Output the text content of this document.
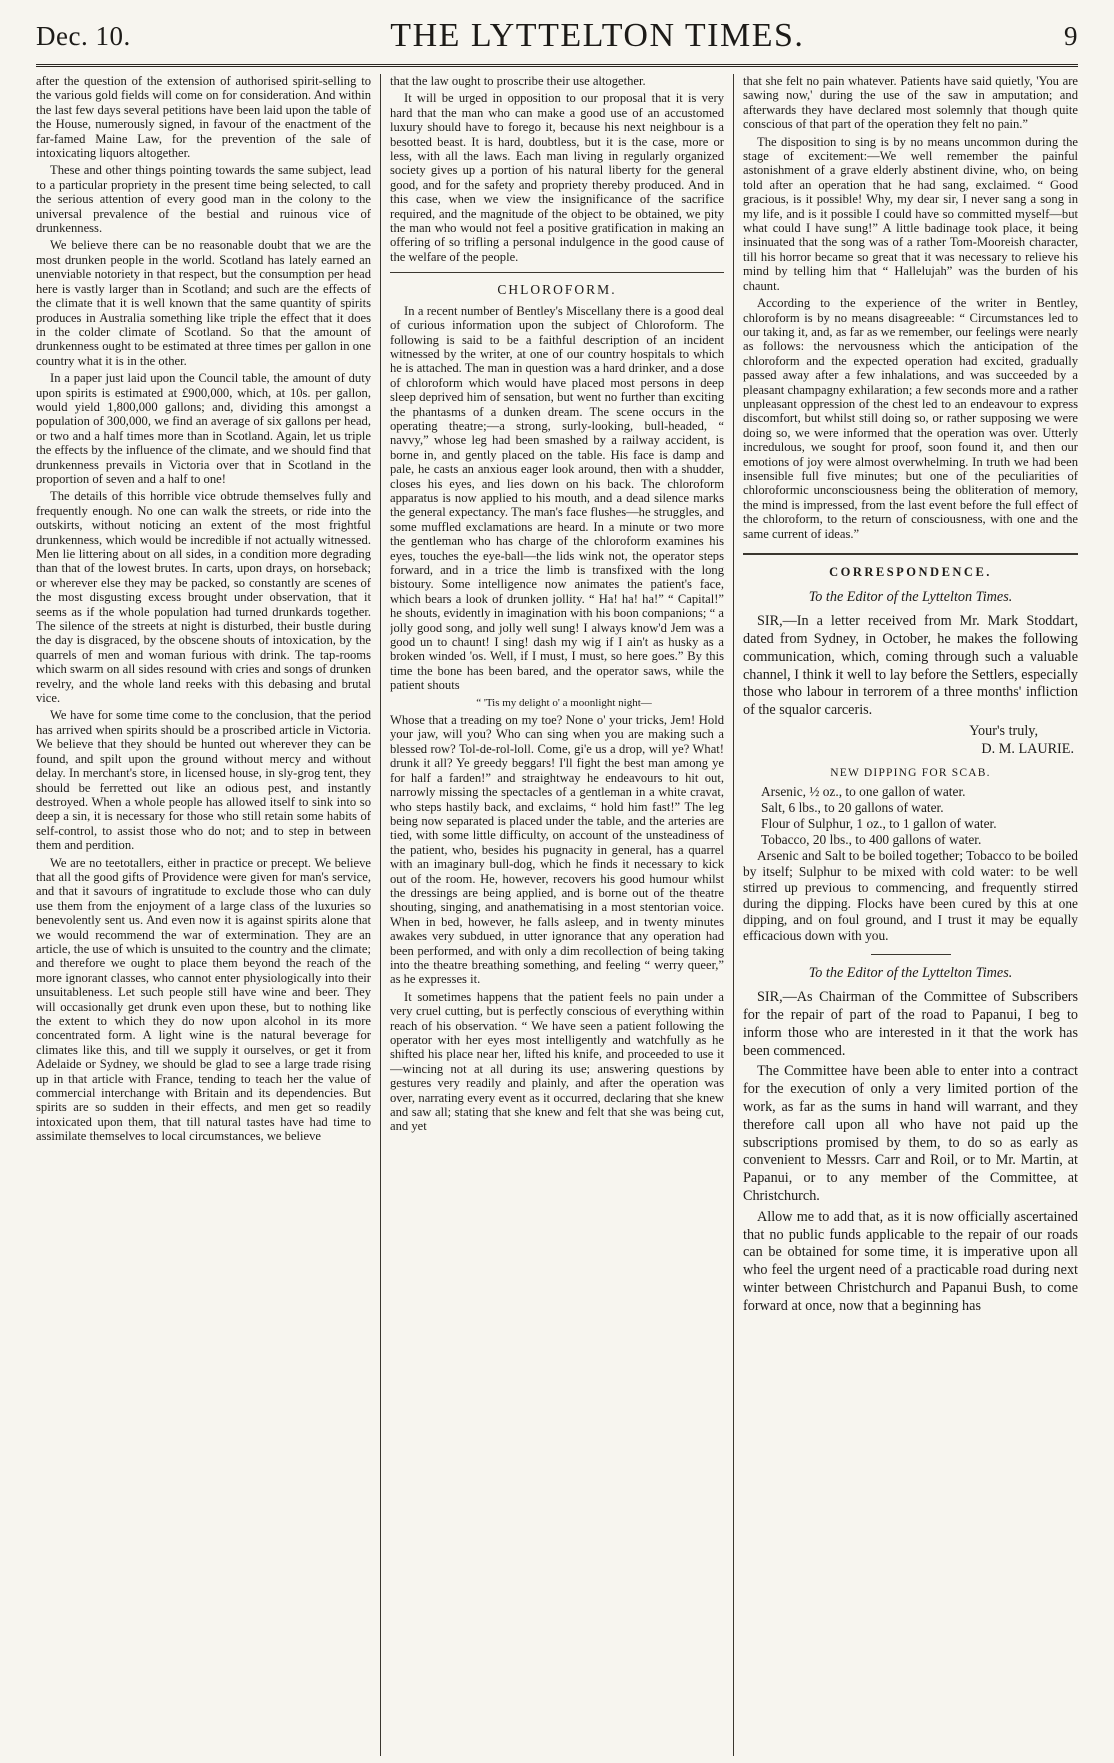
Dec. 10.	THE LYTTELTON TIMES.	9

after the question of the extension of authorised spirit-selling to the various gold fields will come on for consideration. And within the last few days several petitions have been laid upon the table of the House, numerously signed, in favour of the enactment of the far-famed Maine Law, for the prevention of the sale of intoxicating liquors altogether.

These and other things pointing towards the same subject, lead to a particular propriety in the present time being selected, to call the serious attention of every good man in the colony to the universal prevalence of the bestial and ruinous vice of drunkenness.

We believe there can be no reasonable doubt that we are the most drunken people in the world. Scotland has lately earned an unenviable notoriety in that respect, but the consumption per head here is vastly larger than in Scotland; and such are the effects of the climate that it is well known that the same quantity of spirits produces in Australia something like triple the effect that it does in the colder climate of Scotland. So that the amount of drunkenness ought to be estimated at three times per gallon in one country what it is in the other.

In a paper just laid upon the Council table, the amount of duty upon spirits is estimated at £900,000, which, at 10s. per gallon, would yield 1,800,000 gallons; and, dividing this amongst a population of 300,000, we find an average of six gallons per head, or two and a half times more than in Scotland. Again, let us triple the effects by the influence of the climate, and we should find that drunkenness prevails in Victoria over that in Scotland in the proportion of seven and a half to one!

The details of this horrible vice obtrude themselves fully and frequently enough. No one can walk the streets, or ride into the outskirts, without noticing an extent of the most frightful drunkenness, which would be incredible if not actually witnessed. Men lie littering about on all sides, in a condition more degrading than that of the lowest brutes. In carts, upon drays, on horseback; or wherever else they may be packed, so constantly are scenes of the most disgusting excess brought under observation, that it seems as if the whole population had turned drunkards together. The silence of the streets at night is disturbed, their bustle during the day is disgraced, by the obscene shouts of intoxication, by the quarrels of men and woman furious with drink. The tap-rooms which swarm on all sides resound with cries and songs of drunken revelry, and the whole land reeks with this debasing and brutal vice.

We have for some time come to the conclusion, that the period has arrived when spirits should be a proscribed article in Victoria. We believe that they should be hunted out wherever they can be found, and spilt upon the ground without mercy and without delay. In merchant's store, in licensed house, in sly-grog tent, they should be ferretted out like an odious pest, and instantly destroyed. When a whole people has allowed itself to sink into so deep a sin, it is necessary for those who still retain some habits of self-control, to assist those who do not; and to step in between them and perdition.

We are no teetotallers, either in practice or precept. We believe that all the good gifts of Providence were given for man's service, and that it savours of ingratitude to exclude those who can duly use them from the enjoyment of a large class of the luxuries so benevolently sent us. And even now it is against spirits alone that we would recommend the war of extermination. They are an article, the use of which is unsuited to the country and the climate; and therefore we ought to place them beyond the reach of the more ignorant classes, who cannot enter physiologically into their unsuitableness. Let such people still have wine and beer. They will occasionally get drunk even upon these, but to nothing like the extent to which they do now upon alcohol in its more concentrated form. A light wine is the natural beverage for climates like this, and till we supply it ourselves, or get it from Adelaide or Sydney, we should be glad to see a large trade rising up in that article with France, tending to teach her the value of commercial interchange with Britain and its dependencies. But spirits are so sudden in their effects, and men get so readily intoxicated upon them, that till natural tastes have had time to assimilate themselves to local circumstances, we believe

that the law ought to proscribe their use altogether.

It will be urged in opposition to our proposal that it is very hard that the man who can make a good use of an accustomed luxury should have to forego it, because his next neighbour is a besotted beast. It is hard, doubtless, but it is the case, more or less, with all the laws. Each man living in regularly organized society gives up a portion of his natural liberty for the general good, and for the safety and propriety thereby produced. And in this case, when we view the insignificance of the sacrifice required, and the magnitude of the object to be obtained, we pity the man who would not feel a positive gratification in making an offering of so trifling a personal indulgence in the good cause of the welfare of the people.

CHLOROFORM.

In a recent number of Bentley's Miscellany there is a good deal of curious information upon the subject of Chloroform. The following is said to be a faithful description of an incident witnessed by the writer, at one of our country hospitals to which he is attached. The man in question was a hard drinker, and a dose of chloroform which would have placed most persons in deep sleep deprived him of sensation, but went no further than exciting the phantasms of a dunken dream. The scene occurs in the operating theatre;—a strong, surly-looking, bull-headed, “ navvy,” whose leg had been smashed by a railway accident, is borne in, and gently placed on the table. His face is damp and pale, he casts an anxious eager look around, then with a shudder, closes his eyes, and lies down on his back. The chloroform apparatus is now applied to his mouth, and a dead silence marks the general expectancy. The man's face flushes—he struggles, and some muffled exclamations are heard. In a minute or two more the gentleman who has charge of the chloroform examines his eyes, touches the eye-ball—the lids wink not, the operator steps forward, and in a trice the limb is transfixed with the long bistoury. Some intelligence now animates the patient's face, which bears a look of drunken jollity. “ Ha! ha! ha!” “ Capital!” he shouts, evidently in imagination with his boon companions; “ a jolly good song, and jolly well sung! I always know'd Jem was a good un to chaunt! I sing! dash my wig if I ain't as husky as a broken winded 'os. Well, if I must, I must, so here goes.” By this time the bone has been bared, and the operator saws, while the patient shouts

“ 'Tis my delight o' a moonlight night—

Whose that a treading on my toe? None o' your tricks, Jem! Hold your jaw, will you? Who can sing when you are making such a blessed row? Tol-de-rol-loll. Come, gi'e us a drop, will ye? What! drunk it all? Ye greedy beggars! I'll fight the best man among ye for half a farden!” and straightway he endeavours to hit out, narrowly missing the spectacles of a gentleman in a white cravat, who steps hastily back, and exclaims, “ hold him fast!” The leg being now separated is placed under the table, and the arteries are tied, with some little difficulty, on account of the unsteadiness of the patient, who, besides his pugnacity in general, has a quarrel with an imaginary bull-dog, which he finds it necessary to kick out of the room. He, however, recovers his good humour whilst the dressings are being applied, and is borne out of the theatre shouting, singing, and anathematising in a most stentorian voice. When in bed, however, he falls asleep, and in twenty minutes awakes very subdued, in utter ignorance that any operation had been performed, and with only a dim recollection of being taking into the theatre breathing something, and feeling “ werry queer,” as he expresses it.

It sometimes happens that the patient feels no pain under a very cruel cutting, but is perfectly conscious of everything within reach of his observation. “ We have seen a patient following the operator with her eyes most intelligently and watchfully as he shifted his place near her, lifted his knife, and proceeded to use it—wincing not at all during its use; answering questions by gestures very readily and plainly, and after the operation was over, narrating every event as it occurred, declaring that she knew and saw all; stating that she knew and felt that she was being cut, and yet

that she felt no pain whatever. Patients have said quietly, 'You are sawing now,' during the use of the saw in amputation; and afterwards they have declared most solemnly that though quite conscious of that part of the operation they felt no pain.”

The disposition to sing is by no means uncommon during the stage of excitement:—We well remember the painful astonishment of a grave elderly abstinent divine, who, on being told after an operation that he had sang, exclaimed. “ Good gracious, is it possible! Why, my dear sir, I never sang a song in my life, and is it possible I could have so committed myself—but what could I have sung!” A little badinage took place, it being insinuated that the song was of a rather Tom-Mooreish character, till his horror became so great that it was necessary to relieve his mind by telling him that “ Hallelujah” was the burden of his chaunt.

According to the experience of the writer in Bentley, chloroform is by no means disagreeable: “ Circumstances led to our taking it, and, as far as we remember, our feelings were nearly as follows: the nervousness which the anticipation of the chloroform and the expected operation had excited, gradually passed away after a few inhalations, and was succeeded by a pleasant champagny exhilaration; a few seconds more and a rather unpleasant oppression of the chest led to an endeavour to express discomfort, but whilst still doing so, or rather supposing we were doing so, we were informed that the operation was over. Utterly incredulous, we sought for proof, soon found it, and then our emotions of joy were almost overwhelming. In truth we had been insensible full five minutes; but one of the peculiarities of chloroformic unconsciousness being the obliteration of memory, the mind is impressed, from the last event before the full effect of the chloroform, to the return of consciousness, with one and the same current of ideas.”

CORRESPONDENCE.

To the Editor of the Lyttelton Times.

SIR,—In a letter received from Mr. Mark Stoddart, dated from Sydney, in October, he makes the following communication, which, coming through such a valuable channel, I think it well to lay before the Settlers, especially those who labour in terrorem of a three months' infliction of the squalor carceris.

Your's truly,

D. M. LAURIE.

NEW DIPPING FOR SCAB.

Arsenic, ½ oz., to one gallon of water.

Salt, 6 lbs., to 20 gallons of water.

Flour of Sulphur, 1 oz., to 1 gallon of water.

Tobacco, 20 lbs., to 400 gallons of water.

Arsenic and Salt to be boiled together; Tobacco to be boiled by itself; Sulphur to be mixed with cold water: to be well stirred up previous to commencing, and frequently stirred during the dipping. Flocks have been cured by this at one dipping, and on foul ground, and I trust it may be equally efficacious down with you.

To the Editor of the Lyttelton Times.

SIR,—As Chairman of the Committee of Subscribers for the repair of part of the road to Papanui, I beg to inform those who are interested in it that the work has been commenced.

The Committee have been able to enter into a contract for the execution of only a very limited portion of the work, as far as the sums in hand will warrant, and they therefore call upon all who have not paid up the subscriptions promised by them, to do so as early as convenient to Messrs. Carr and Roil, or to Mr. Martin, at Papanui, or to any member of the Committee, at Christchurch.

Allow me to add that, as it is now officially ascertained that no public funds applicable to the repair of our roads can be obtained for some time, it is imperative upon all who feel the urgent need of a practicable road during next winter between Christchurch and Papanui Bush, to come forward at once, now that a beginning has
